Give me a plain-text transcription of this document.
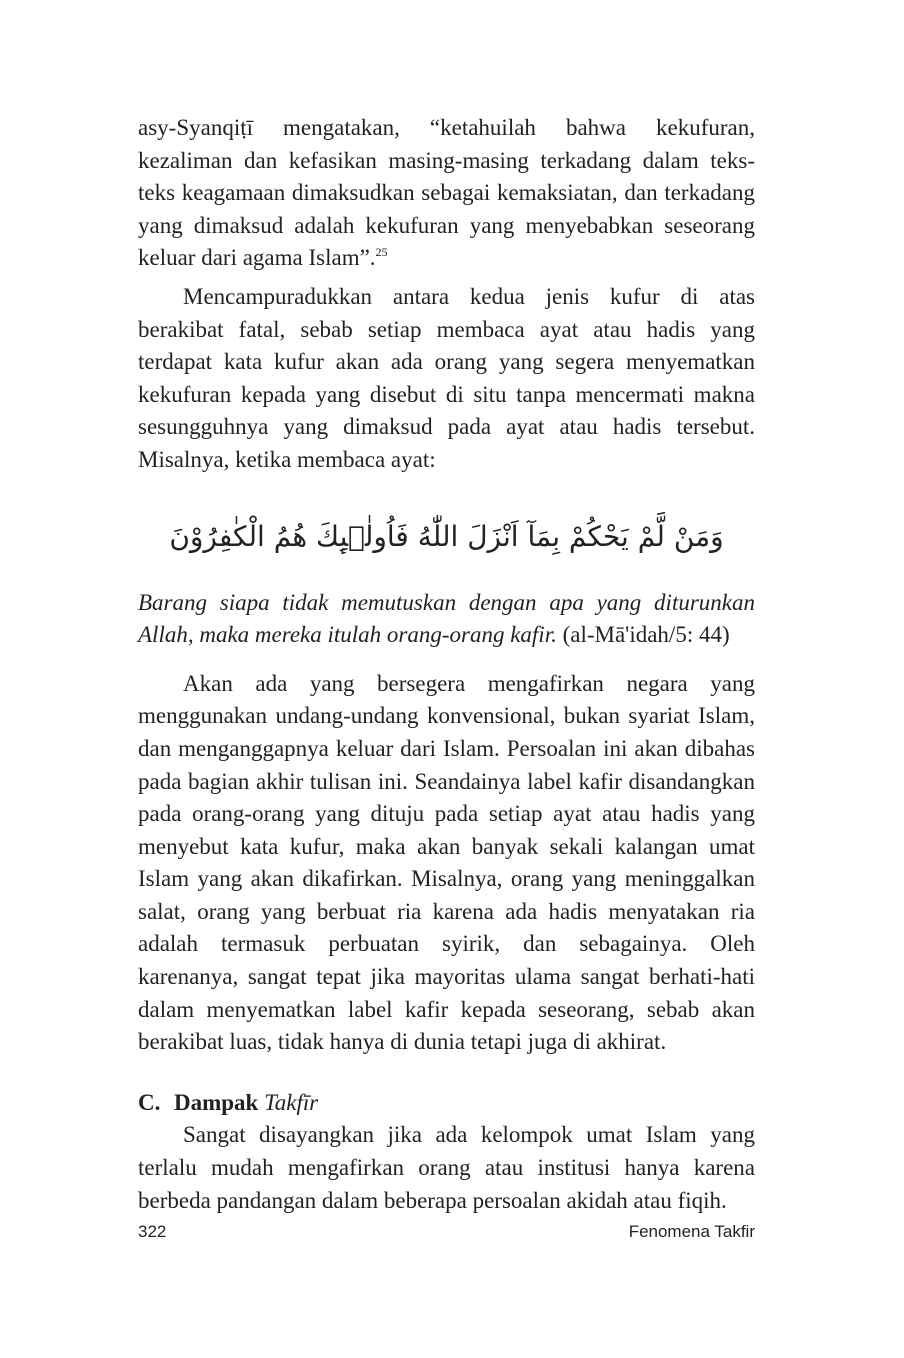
asy-Syanqiṭī mengatakan, “ketahuilah bahwa kekufuran, kezaliman dan kefasikan masing-masing terkadang dalam teks-teks keagamaan dimaksudkan sebagai kemaksiatan, dan terkadang yang dimaksud adalah kekufuran yang menyebabkan seseorang keluar dari agama Islam”.$^{25}$

Mencampuradukkan antara kedua jenis kufur di atas berakibat fatal, sebab setiap membaca ayat atau hadis yang terdapat kata kufur akan ada orang yang segera menyematkan kekufuran kepada yang disebut di situ tanpa mencermati makna sesungguhnya yang dimaksud pada ayat atau hadis tersebut. Misalnya, ketika membaca ayat:

وَمَنْ لَّمْ يَحْكُمْ بِمَآ اَنْزَلَ اللّٰهُ فَاُولٰۤىِٕكَ هُمُ الْكٰفِرُوْنَ

Barang siapa tidak memutuskan dengan apa yang diturunkan Allah, maka mereka itulah orang-orang kafir. (al-Mā'idah/5: 44)

Akan ada yang bersegera mengafirkan negara yang menggunakan undang-undang konvensional, bukan syariat Islam, dan menganggapnya keluar dari Islam. Persoalan ini akan dibahas pada bagian akhir tulisan ini. Seandainya label kafir disandangkan pada orang-orang yang dituju pada setiap ayat atau hadis yang menyebut kata kufur, maka akan banyak sekali kalangan umat Islam yang akan dikafirkan. Misalnya, orang yang meninggalkan salat, orang yang berbuat ria karena ada hadis menyatakan ria adalah termasuk perbuatan syirik, dan sebagainya. Oleh karenanya, sangat tepat jika mayoritas ulama sangat berhati-hati dalam menyematkan label kafir kepada seseorang, sebab akan berakibat luas, tidak hanya di dunia tetapi juga di akhirat.

C. Dampak Takfīr

Sangat disayangkan jika ada kelompok umat Islam yang terlalu mudah mengafirkan orang atau institusi hanya karena berbeda pandangan dalam beberapa persoalan akidah atau fiqih.

322	Fenomena Takfir
